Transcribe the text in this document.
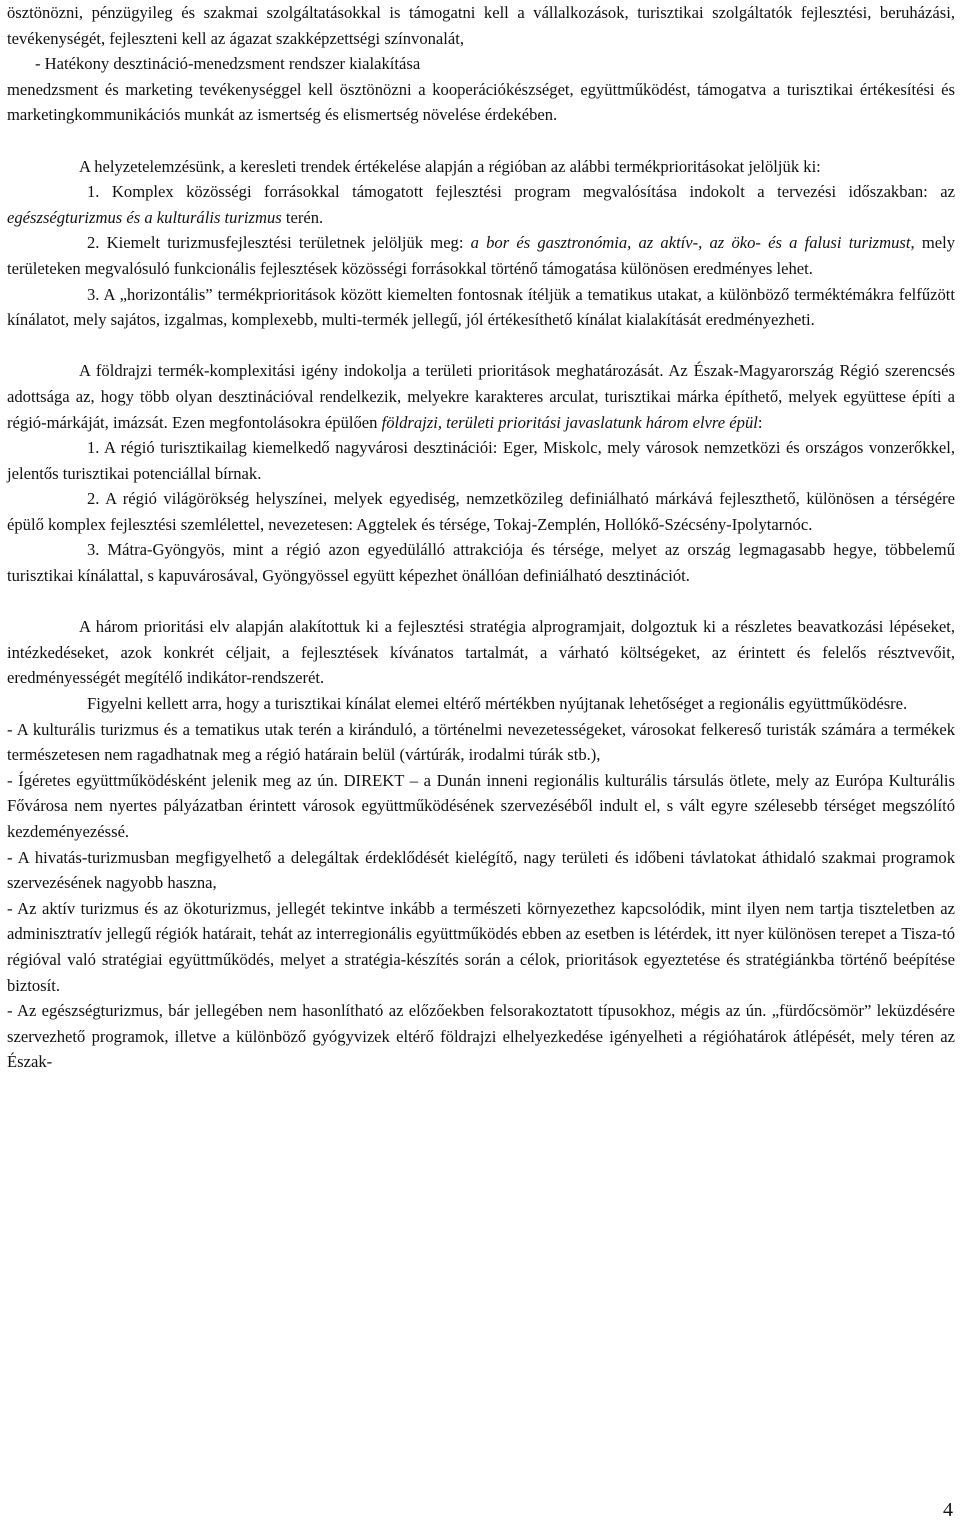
ösztönözni, pénzügyileg és szakmai szolgáltatásokkal is támogatni kell a vállalkozások, turisztikai szolgáltatók fejlesztési, beruházási, tevékenységét, fejleszteni kell az ágazat szakképzettségi színvonalát,

- Hatékony desztináció-menedzsment rendszer kialakítása

menedzsment és marketing tevékenységgel kell ösztönözni a kooperációkészséget, együttműködést, támogatva a turisztikai értékesítési és marketingkommunikációs munkát az ismertség és elismertség növelése érdekében.

A helyzetelemzésünk, a keresleti trendek értékelése alapján a régióban az alábbi termékprioritásokat jelöljük ki:

1. Komplex közösségi forrásokkal támogatott fejlesztési program megvalósítása indokolt a tervezési időszakban: az egészségturizmus és a kulturális turizmus terén.

2. Kiemelt turizmusfejlesztési területnek jelöljük meg: a bor és gasztronómia, az aktív-, az öko- és a falusi turizmust, mely területeken megvalósuló funkcionális fejlesztések közösségi forrásokkal történő támogatása különösen eredményes lehet.

3. A „horizontális” termékprioritások között kiemelten fontosnak ítéljük a tematikus utakat, a különböző terméktémákra felfűzött kínálatot, mely sajátos, izgalmas, komplexebb, multi-termék jellegű, jól értékesíthető kínálat kialakítását eredményezheti.

A földrajzi termék-komplexitási igény indokolja a területi prioritások meghatározását. Az Észak-Magyarország Régió szerencsés adottsága az, hogy több olyan desztinációval rendelkezik, melyekre karakteres arculat, turisztikai márka építhető, melyek együttese építi a régió-márkáját, imázsát. Ezen megfontolásokra épülően földrajzi, területi prioritási javaslatunk három elvre épül:

1. A régió turisztikailag kiemelkedő nagyvárosi desztinációi: Eger, Miskolc, mely városok nemzetközi és országos vonzerőkkel, jelentős turisztikai potenciállal bírnak.

2. A régió világörökség helyszínei, melyek egyediség, nemzetközileg definiálható márkává fejleszthető, különösen a térségére épülő komplex fejlesztési szemlélettel, nevezetesen: Aggtelek és térsége, Tokaj-Zemplén, Hollókő-Szécsény-Ipolytarnóc.

3. Mátra-Gyöngyös, mint a régió azon egyedülálló attrakciója és térsége, melyet az ország legmagasabb hegye, többelemű turisztikai kínálattal, s kapuvárosával, Gyöngyössel együtt képezhet önállóan definiálható desztinációt.

A három prioritási elv alapján alakítottuk ki a fejlesztési stratégia alprogramjait, dolgoztuk ki a részletes beavatkozási lépéseket, intézkedéseket, azok konkrét céljait, a fejlesztések kívánatos tartalmát, a várható költségeket, az érintett és felelős résztvevőit, eredményességét megítélő indikátor-rendszerét.

Figyelni kellett arra, hogy a turisztikai kínálat elemei eltérő mértékben nyújtanak lehetőséget a regionális együttműködésre.

- A kulturális turizmus és a tematikus utak terén a kiránduló, a történelmi nevezetességeket, városokat felkereső turisták számára a termékek természetesen nem ragadhatnak meg a régió határain belül (vártúrák, irodalmi túrák stb.),

- Ígéretes együttműködésként jelenik meg az ún. DIREKT – a Dunán inneni regionális kulturális társulás ötlete, mely az Európa Kulturális Fővárosa nem nyertes pályázatban érintett városok együttműködésének szervezéséből indult el, s vált egyre szélesebb térséget megszólító kezdeményezéssé.

- A hivatás-turizmusban megfigyelhető a delegáltak érdeklődését kielégítő, nagy területi és időbeni távlatokat áthidaló szakmai programok szervezésének nagyobb haszna,

- Az aktív turizmus és az ökoturizmus, jellegét tekintve inkább a természeti környezethez kapcsolódik, mint ilyen nem tartja tiszteletben az adminisztratív jellegű régiók határait, tehát az interregionális együttműködés ebben az esetben is létérdek, itt nyer különösen terepet a Tisza-tó régióval való stratégiai együttműködés, melyet a stratégia-készítés során a célok, prioritások egyeztetése és stratégiánkba történő beépítése biztosít.

- Az egészségturizmus, bár jellegében nem hasonlítható az előzőekben felsorakoztatott típusokhoz, mégis az ún. „fürdőcsömör” leküzdésére szervezhető programok, illetve a különböző gyógyvizek eltérő földrajzi elhelyezkedése igényelheti a régióhatárok átlépését, mely téren az Észak-

4
